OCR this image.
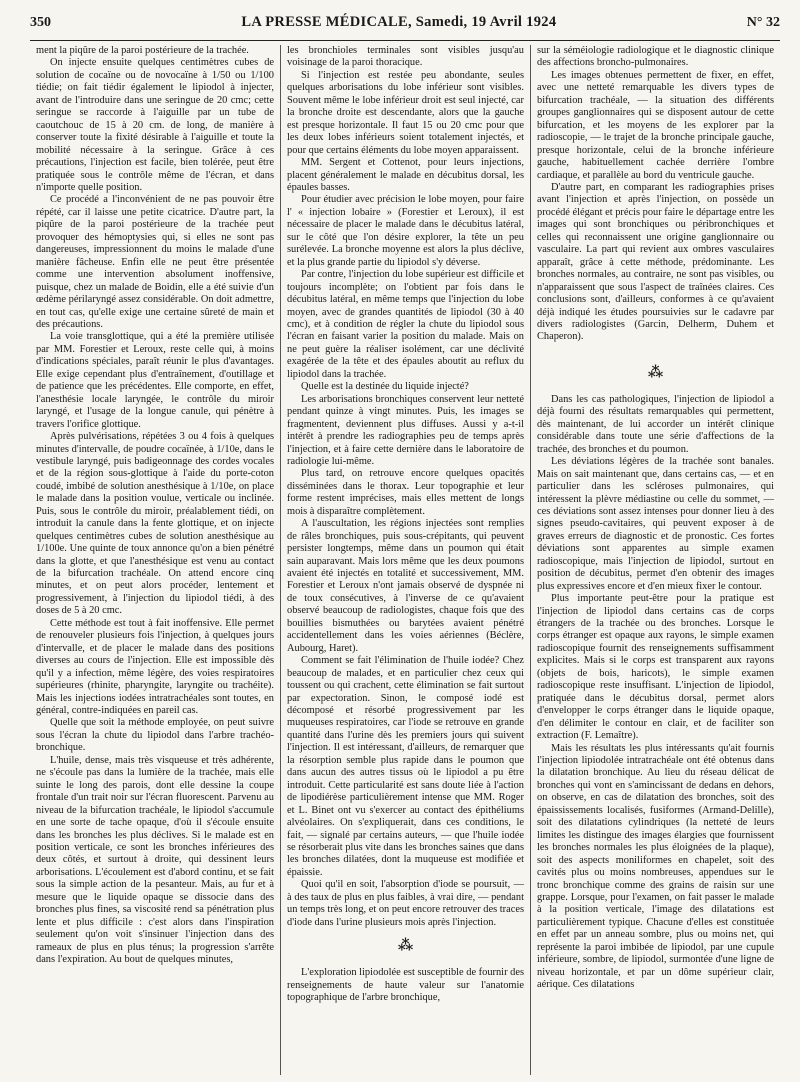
350	LA PRESSE MÉDICALE, Samedi, 19 Avril 1924	N° 32

ment la piqûre de la paroi postérieure de la trachée.

On injecte ensuite quelques centimètres cubes de solution de cocaïne ou de novocaïne à 1/50 ou 1/100 tiédie; on fait tiédir également le lipiodol à injecter, avant de l'introduire dans une seringue de 20 cmc; cette seringue se raccorde à l'aiguille par un tube de caoutchouc de 15 à 20 cm. de long, de manière à conserver toute la fixité désirable à l'aiguille et toute la mobilité nécessaire à la seringue. Grâce à ces précautions, l'injection est facile, bien tolérée, peut être pratiquée sous le contrôle même de l'écran, et dans n'importe quelle position.

Ce procédé a l'inconvénient de ne pas pouvoir être répété, car il laisse une petite cicatrice. D'autre part, la piqûre de la paroi postérieure de la trachée peut provoquer des hémoptysies qui, si elles ne sont pas dangereuses, impressionnent du moins le malade d'une manière fâcheuse. Enfin elle ne peut être présentée comme une intervention absolument inoffensive, puisque, chez un malade de Boidin, elle a été suivie d'un œdème périlaryngé assez considérable. On doit admettre, en tout cas, qu'elle exige une certaine sûreté de main et des précautions.

La voie transglottique, qui a été la première utilisée par MM. Forestier et Leroux, reste celle qui, à moins d'indications spéciales, paraît réunir le plus d'avantages. Elle exige cependant plus d'entraînement, d'outillage et de patience que les précédentes. Elle comporte, en effet, l'anesthésie locale laryngée, le contrôle du miroir laryngé, et l'usage de la longue canule, qui pénètre à travers l'orifice glottique.

Après pulvérisations, répétées 3 ou 4 fois à quelques minutes d'intervalle, de poudre cocaïnée, à 1/10e, dans le vestibule laryngé, puis badigeonnage des cordes vocales et de la région sous-glottique à l'aide du porte-coton coudé, imbibé de solution anesthésique à 1/10e, on place le malade dans la position voulue, verticale ou inclinée. Puis, sous le contrôle du miroir, préalablement tiédi, on introduit la canule dans la fente glottique, et on injecte quelques centimètres cubes de solution anesthésique au 1/100e. Une quinte de toux annonce qu'on a bien pénétré dans la glotte, et que l'anesthésique est venu au contact de la bifurcation trachéale. On attend encore cinq minutes, et on peut alors procéder, lentement et progressivement, à l'injection du lipiodol tiédi, à des doses de 5 à 20 cmc.

Cette méthode est tout à fait inoffensive. Elle permet de renouveler plusieurs fois l'injection, à quelques jours d'intervalle, et de placer le malade dans des positions diverses au cours de l'injection. Elle est impossible dès qu'il y a infection, même légère, des voies respiratoires supérieures (rhinite, pharyngite, laryngite ou trachéite). Mais les injections iodées intratrachéales sont toutes, en général, contre-indiquées en pareil cas.

Quelle que soit la méthode employée, on peut suivre sous l'écran la chute du lipiodol dans l'arbre trachéo-bronchique.

L'huile, dense, mais très visqueuse et très adhérente, ne s'écoule pas dans la lumière de la trachée, mais elle suinte le long des parois, dont elle dessine la coupe frontale d'un trait noir sur l'écran fluorescent. Parvenu au niveau de la bifurcation trachéale, le lipiodol s'accumule en une sorte de tache opaque, d'où il s'écoule ensuite dans les bronches les plus déclives. Si le malade est en position verticale, ce sont les bronches inférieures des deux côtés, et surtout à droite, qui dessinent leurs arborisations. L'écoulement est d'abord continu, et se fait sous la simple action de la pesanteur. Mais, au fur et à mesure que le liquide opaque se dissocie dans des bronches plus fines, sa viscosité rend sa pénétration plus lente et plus difficile : c'est alors dans l'inspiration seulement qu'on voit s'insinuer l'injection dans des rameaux de plus en plus ténus; la progression s'arrête dans l'expiration. Au bout de quelques minutes,

les bronchioles terminales sont visibles jusqu'au voisinage de la paroi thoracique.

Si l'injection est restée peu abondante, seules quelques arborisations du lobe inférieur sont visibles. Souvent même le lobe inférieur droit est seul injecté, car la bronche droite est descendante, alors que la gauche est presque horizontale. Il faut 15 ou 20 cmc pour que les deux lobes inférieurs soient totalement injectés, et pour que certains éléments du lobe moyen apparaissent.

MM. Sergent et Cottenot, pour leurs injections, placent généralement le malade en décubitus dorsal, les épaules basses.

Pour étudier avec précision le lobe moyen, pour faire l' « injection lobaire » (Forestier et Leroux), il est nécessaire de placer le malade dans le décubitus latéral, sur le côté que l'on désire explorer, la tête un peu surélevée. La bronche moyenne est alors la plus déclive, et la plus grande partie du lipiodol s'y déverse.

Par contre, l'injection du lobe supérieur est difficile et toujours incomplète; on l'obtient par fois dans le décubitus latéral, en même temps que l'injection du lobe moyen, avec de grandes quantités de lipiodol (30 à 40 cmc), et à condition de régler la chute du lipiodol sous l'écran en faisant varier la position du malade. Mais on ne peut guère la réaliser isolément, car une déclivité exagérée de la tête et des épaules aboutit au reflux du lipiodol dans la trachée.

Quelle est la destinée du liquide injecté?

Les arborisations bronchiques conservent leur netteté pendant quinze à vingt minutes. Puis, les images se fragmentent, deviennent plus diffuses. Aussi y a-t-il intérêt à prendre les radiographies peu de temps après l'injection, et à faire cette dernière dans le laboratoire de radiologie lui-même.

Plus tard, on retrouve encore quelques opacités disséminées dans le thorax. Leur topographie et leur forme restent imprécises, mais elles mettent de longs mois à disparaître complètement.

A l'auscultation, les régions injectées sont remplies de râles bronchiques, puis sous-crépitants, qui peuvent persister longtemps, même dans un poumon qui était sain auparavant. Mais lors même que les deux poumons avaient été injectés en totalité et successivement, MM. Forestier et Leroux n'ont jamais observé de dyspnée ni de toux consécutives, à l'inverse de ce qu'avaient observé beaucoup de radiologistes, chaque fois que des bouillies bismuthées ou barytées avaient pénétré accidentellement dans les voies aériennes (Béclère, Aubourg, Haret).

Comment se fait l'élimination de l'huile iodée? Chez beaucoup de malades, et en particulier chez ceux qui toussent ou qui crachent, cette élimination se fait surtout par expectoration. Sinon, le composé iodé est décomposé et résorbé progressivement par les muqueuses respiratoires, car l'iode se retrouve en grande quantité dans l'urine dès les premiers jours qui suivent l'injection. Il est intéressant, d'ailleurs, de remarquer que la résorption semble plus rapide dans le poumon que dans aucun des autres tissus où le lipiodol a pu être introduit. Cette particularité est sans doute liée à l'action de lipodiérèse particulièrement intense que MM. Roger et L. Binet ont vu s'exercer au contact des épithéliums alvéolaires. On s'expliquerait, dans ces conditions, le fait, — signalé par certains auteurs, — que l'huile iodée se résorberait plus vite dans les bronches saines que dans les bronches dilatées, dont la muqueuse est modifiée et épaissie.

Quoi qu'il en soit, l'absorption d'iode se poursuit, — à des taux de plus en plus faibles, à vrai dire, — pendant un temps très long, et on peut encore retrouver des traces d'iode dans l'urine plusieurs mois après l'injection.

⁂

L'exploration lipiodolée est susceptible de fournir des renseignements de haute valeur sur l'anatomie topographique de l'arbre bronchique,

sur la séméiologie radiologique et le diagnostic clinique des affections broncho-pulmonaires.

Les images obtenues permettent de fixer, en effet, avec une netteté remarquable les divers types de bifurcation trachéale, — la situation des différents groupes ganglionnaires qui se disposent autour de cette bifurcation, et les moyens de les explorer par la radioscopie, — le trajet de la bronche principale gauche, presque horizontale, celui de la bronche inférieure gauche, habituellement cachée derrière l'ombre cardiaque, et parallèle au bord du ventricule gauche.

D'autre part, en comparant les radiographies prises avant l'injection et après l'injection, on possède un procédé élégant et précis pour faire le départage entre les images qui sont bronchiques ou péribronchiques et celles qui reconnaissent une origine ganglionnaire ou vasculaire. La part qui revient aux ombres vasculaires apparaît, grâce à cette méthode, prédominante. Les bronches normales, au contraire, ne sont pas visibles, ou n'apparaissent que sous l'aspect de traînées claires. Ces conclusions sont, d'ailleurs, conformes à ce qu'avaient déjà indiqué les études poursuivies sur le cadavre par divers radiologistes (Garcin, Delherm, Duhem et Chaperon).

⁂

Dans les cas pathologiques, l'injection de lipiodol a déjà fourni des résultats remarquables qui permettent, dès maintenant, de lui accorder un intérêt clinique considérable dans toute une série d'affections de la trachée, des bronches et du poumon.

Les déviations légères de la trachée sont banales. Mais on sait maintenant que, dans certains cas, — et en particulier dans les scléroses pulmonaires, qui intéressent la plèvre médiastine ou celle du sommet, — ces déviations sont assez intenses pour donner lieu à des signes pseudo-cavitaires, qui peuvent exposer à de graves erreurs de diagnostic et de pronostic. Ces fortes déviations sont apparentes au simple examen radioscopique, mais l'injection de lipiodol, surtout en position de décubitus, permet d'en obtenir des images plus expressives encore et d'en mieux fixer le contour.

Plus importante peut-être pour la pratique est l'injection de lipiodol dans certains cas de corps étrangers de la trachée ou des bronches. Lorsque le corps étranger est opaque aux rayons, le simple examen radioscopique fournit des renseignements suffisamment explicites. Mais si le corps est transparent aux rayons (objets de bois, haricots), le simple examen radioscopique reste insuffisant. L'injection de lipiodol, pratiquée dans le décubitus dorsal, permet alors d'envelopper le corps étranger dans le liquide opaque, d'en délimiter le contour en clair, et de faciliter son extraction (F. Lemaître).

Mais les résultats les plus intéressants qu'ait fournis l'injection lipiodolée intratrachéale ont été obtenus dans la dilatation bronchique. Au lieu du réseau délicat de bronches qui vont en s'amincissant de dedans en dehors, on observe, en cas de dilatation des bronches, soit des épaississements localisés, fusiformes (Armand-Delille), soit des dilatations cylindriques (la netteté de leurs limites les distingue des images élargies que fournissent les bronches normales les plus éloignées de la plaque), soit des aspects moniliformes en chapelet, soit des cavités plus ou moins nombreuses, appendues sur le tronc bronchique comme des grains de raisin sur une grappe. Lorsque, pour l'examen, on fait passer le malade à la position verticale, l'image des dilatations est particulièrement typique. Chacune d'elles est constituée en effet par un anneau sombre, plus ou moins net, qui représente la paroi imbibée de lipiodol, par une cupule inférieure, sombre, de lipiodol, surmontée d'une ligne de niveau horizontale, et par un dôme supérieur clair, aérique. Ces dilatations
